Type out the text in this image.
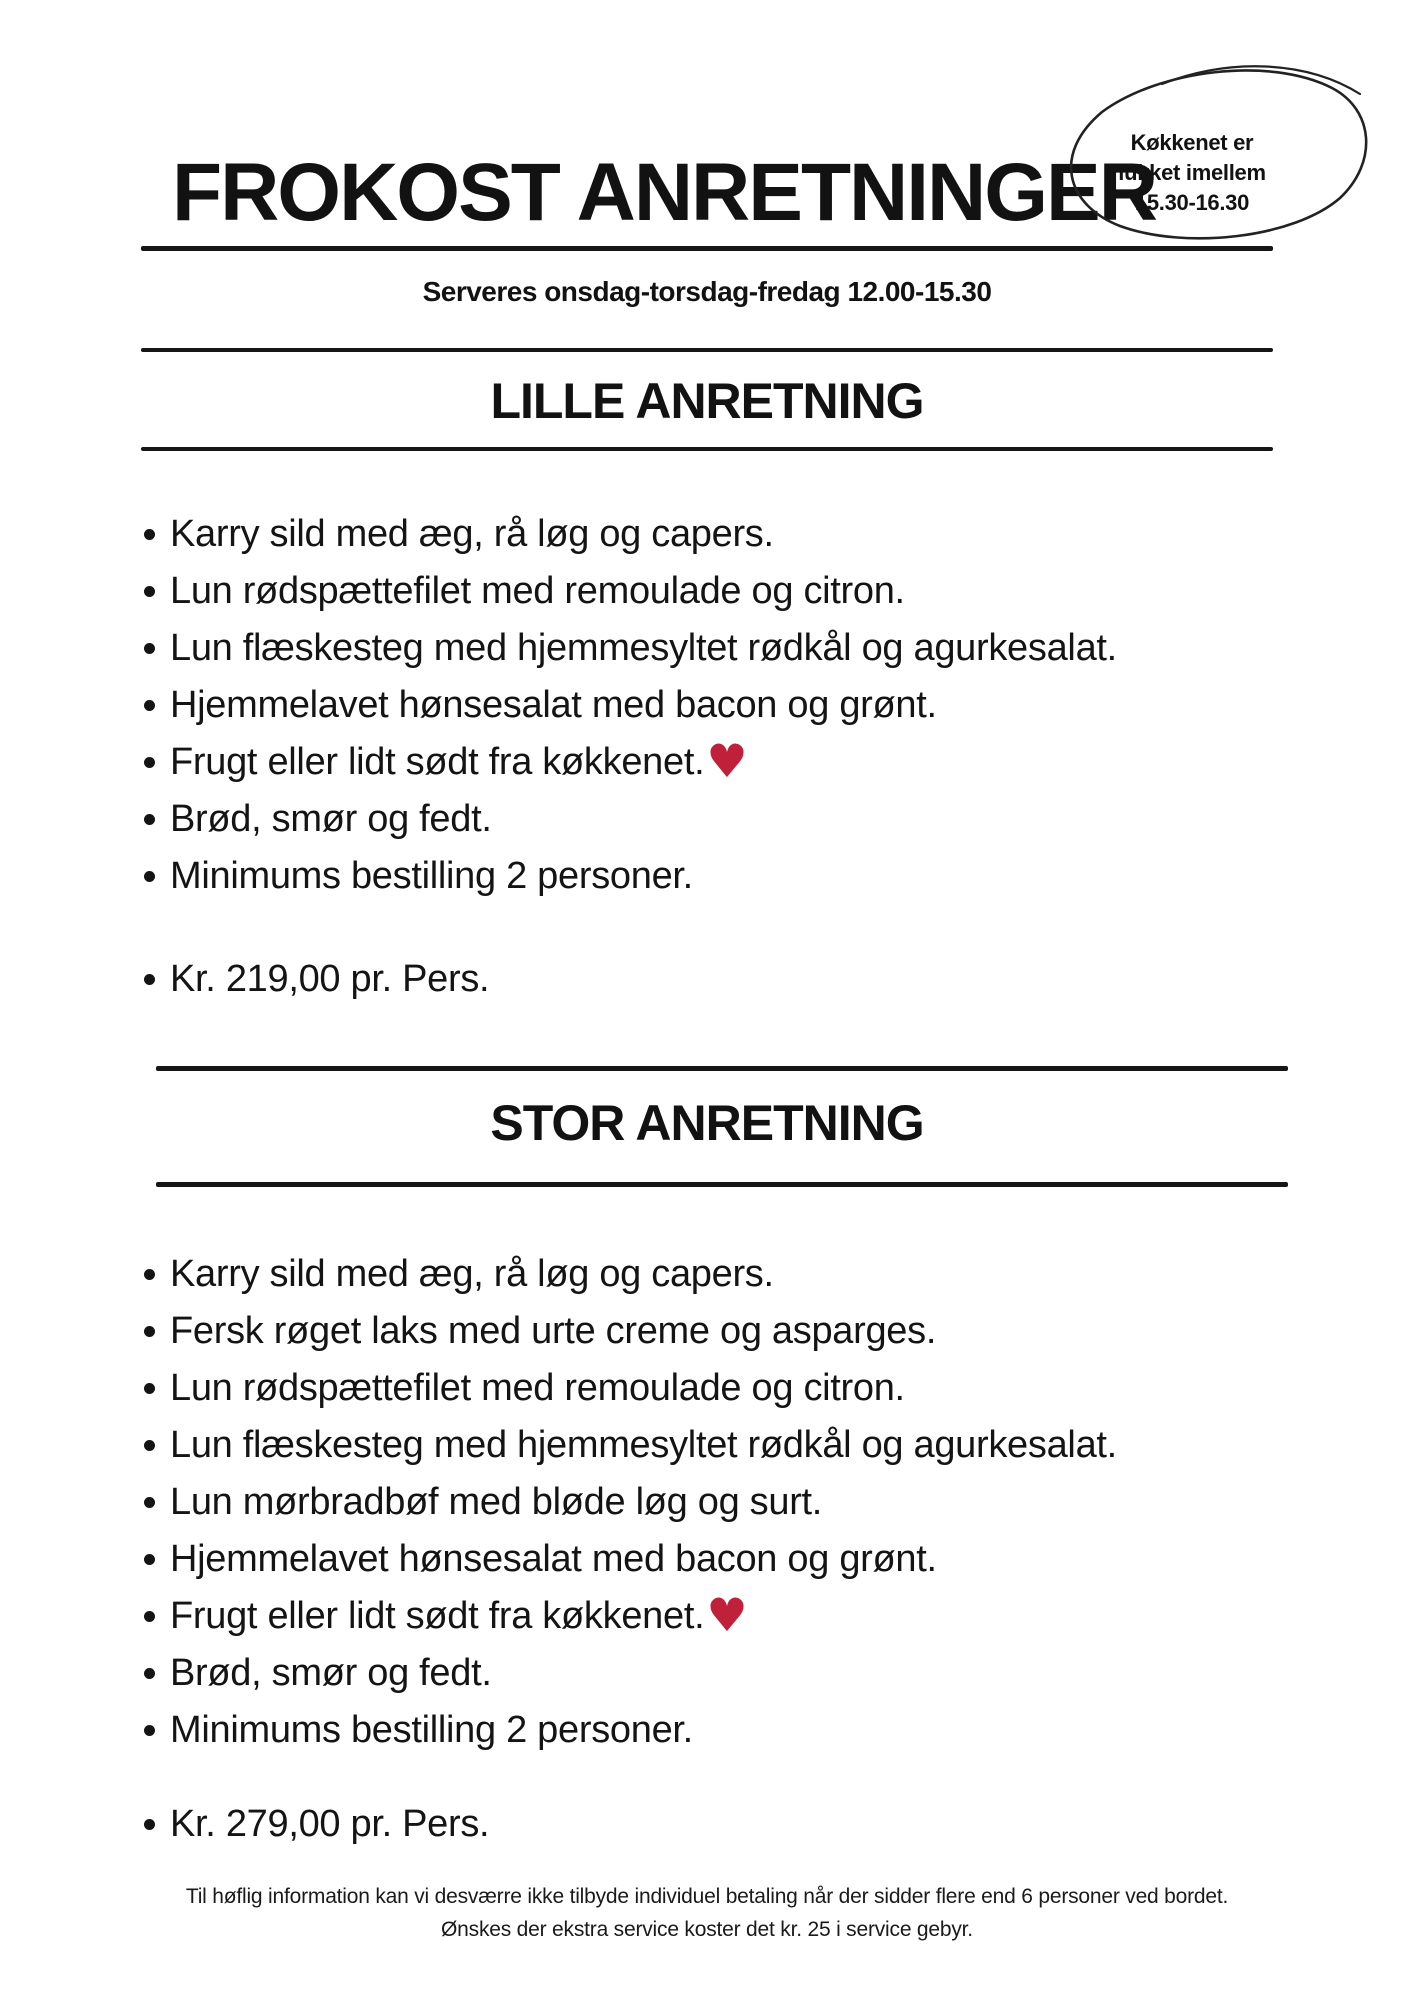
FROKOST ANRETNINGER
Køkkenet er
lukket imellem
15.30-16.30
Serveres onsdag-torsdag-fredag 12.00-15.30
LILLE ANRETNING
Karry sild med æg, rå løg og capers.
Lun rødspættefilet med remoulade og citron.
Lun flæskesteg med hjemmesyltet rødkål og agurkesalat.
Hjemmelavet hønsesalat med bacon og grønt.
Frugt eller lidt sødt fra køkkenet.♥
Brød, smør og fedt.
Minimums bestilling 2 personer.
Kr. 219,00 pr. Pers.
STOR ANRETNING
Karry sild med æg, rå løg og capers.
Fersk røget laks med urte creme og asparges.
Lun rødspættefilet med remoulade og citron.
Lun flæskesteg med hjemmesyltet rødkål og agurkesalat.
Lun mørbradbøf med bløde løg og surt.
Hjemmelavet hønsesalat med bacon og grønt.
Frugt eller lidt sødt fra køkkenet.♥
Brød, smør og fedt.
Minimums bestilling 2 personer.
Kr. 279,00 pr. Pers.
Til høflig information kan vi desværre ikke tilbyde individuel betaling når der sidder flere end 6 personer ved bordet.
Ønskes der ekstra service koster det kr. 25 i service gebyr.
